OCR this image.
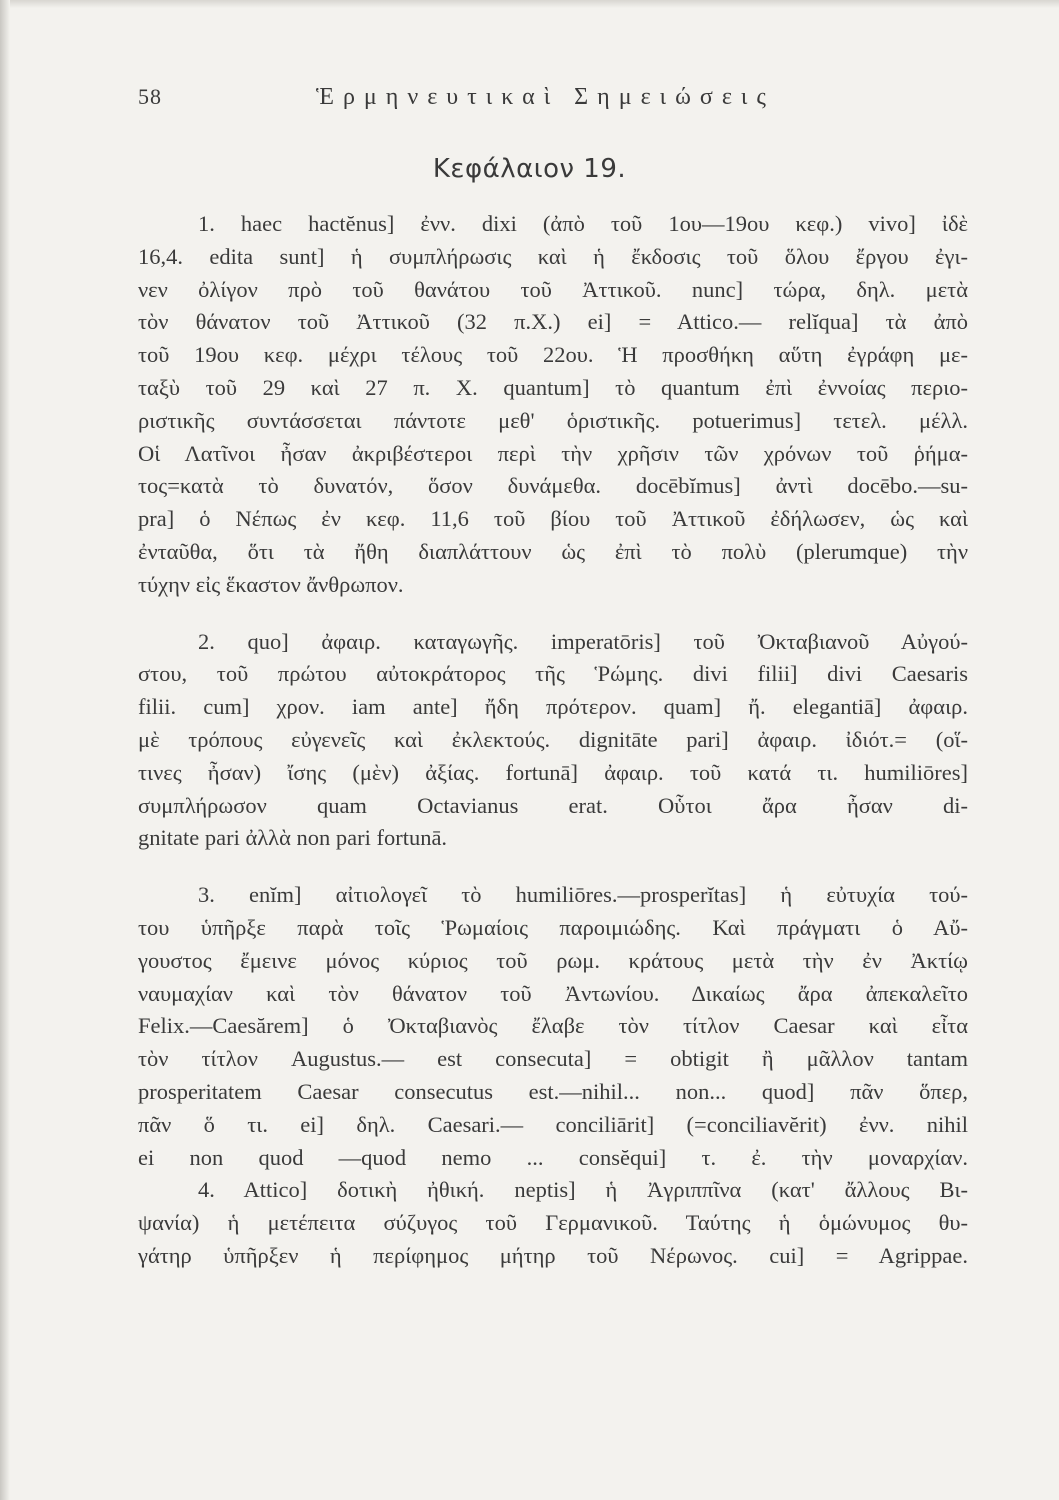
58	Ἑρμηνευτικαὶ Σημειώσεις
Κεφάλαιον 19.
1. haec hactĕnus] ἐνν. dixi (ἀπὸ τοῦ 1ου—19ου κεφ.) vivo] ἰδὲ
16,4. edita sunt] ἡ συμπλήρωσις καὶ ἡ ἔκδοσις τοῦ ὅλου ἔργου ἐγι-
νεν ὀλίγον πρὸ τοῦ θανάτου τοῦ Ἀττικοῦ. nunc] τώρα, δηλ. μετὰ
τὸν θάνατον τοῦ Ἀττικοῦ (32 π.Χ.) ei] = Attico.— relĭqua] τὰ ἀπὸ
τοῦ 19ου κεφ. μέχρι τέλους τοῦ 22ου. Ἡ προσθήκη αὕτη ἐγράφη με-
ταξὺ τοῦ 29 καὶ 27 π. Χ. quantum] τὸ quantum ἐπὶ ἐννοίας περιο-
ριστικῆς συντάσσεται πάντοτε μεθ' ὁριστικῆς. potuerimus] τετελ. μέλλ.
Οἱ Λατῖνοι ἦσαν ἀκριβέστεροι περὶ τὴν χρῆσιν τῶν χρόνων τοῦ ῥήμα-
τος=κατὰ τὸ δυνατόν, ὅσον δυνάμεθα. docēbĭmus] ἀντὶ docēbo.—su-
pra] ὁ Νέπως ἐν κεφ. 11,6 τοῦ βίου τοῦ Ἀττικοῦ ἐδήλωσεν, ὡς καὶ
ἐνταῦθα, ὅτι τὰ ἤθη διαπλάττουν ὡς ἐπὶ τὸ πολὺ (plerumque) τὴν
τύχην εἰς ἕκαστον ἄνθρωπον.
2. quo] ἀφαιρ. καταγωγῆς. imperatōris] τοῦ Ὀκταβιανοῦ Αὐγού-
στου, τοῦ πρώτου αὐτοκράτορος τῆς Ῥώμης. divi filii] divi Caesaris
filii. cum] χρον. iam ante] ἤδη πρότερον. quam] ἤ. elegantiā] ἀφαιρ.
μὲ τρόπους εὐγενεῖς καὶ ἐκλεκτούς. dignitāte pari] ἀφαιρ. ἰδιότ.= (οἵ-
τινες ἦσαν) ἴσης (μὲν) ἀξίας. fortunā] ἀφαιρ. τοῦ κατά τι. humiliōres]
συμπλήρωσον quam Octavianus erat. Οὗτοι ἄρα ἦσαν di-
gnitate pari ἀλλὰ non pari fortunā.
3. enĭm] αἰτιολογεῖ τὸ humiliōres.—prosperĭtas] ἡ εὐτυχία τού-
του ὑπῆρξε παρὰ τοῖς Ῥωμαίοις παροιμιώδης. Καὶ πράγματι ὁ Αὔ-
γουστος ἔμεινε μόνος κύριος τοῦ ρωμ. κράτους μετὰ τὴν ἐν Ἀκτίῳ
ναυμαχίαν καὶ τὸν θάνατον τοῦ Ἀντωνίου. Δικαίως ἄρα ἀπεκαλεῖτο
Felix.—Caesărem] ὁ Ὀκταβιανὸς ἔλαβε τὸν τίτλον Caesar καὶ εἶτα
τὸν τίτλον Augustus.— est consecuta] = obtigit ἢ μᾶλλον tantam
prosperitatem Caesar consecutus est.—nihil... non... quod] πᾶν ὅπερ,
πᾶν ὅ τι. ei] δηλ. Caesari.— conciliārit] (=conciliavĕrit) ἐνν. nihil
ei non quod —quod nemo ... consĕqui] τ. ἐ. τὴν μοναρχίαν.
4. Attico] δοτικὴ ἠθική. neptis] ἡ Ἀγριππῖνα (κατ' ἄλλους Βι-
ψανία) ἡ μετέπειτα σύζυγος τοῦ Γερμανικοῦ. Ταύτης ἡ ὁμώνυμος θυ-
γάτηρ ὑπῆρξεν ἡ περίφημος μήτηρ τοῦ Νέρωνος. cui] = Agrippae.
